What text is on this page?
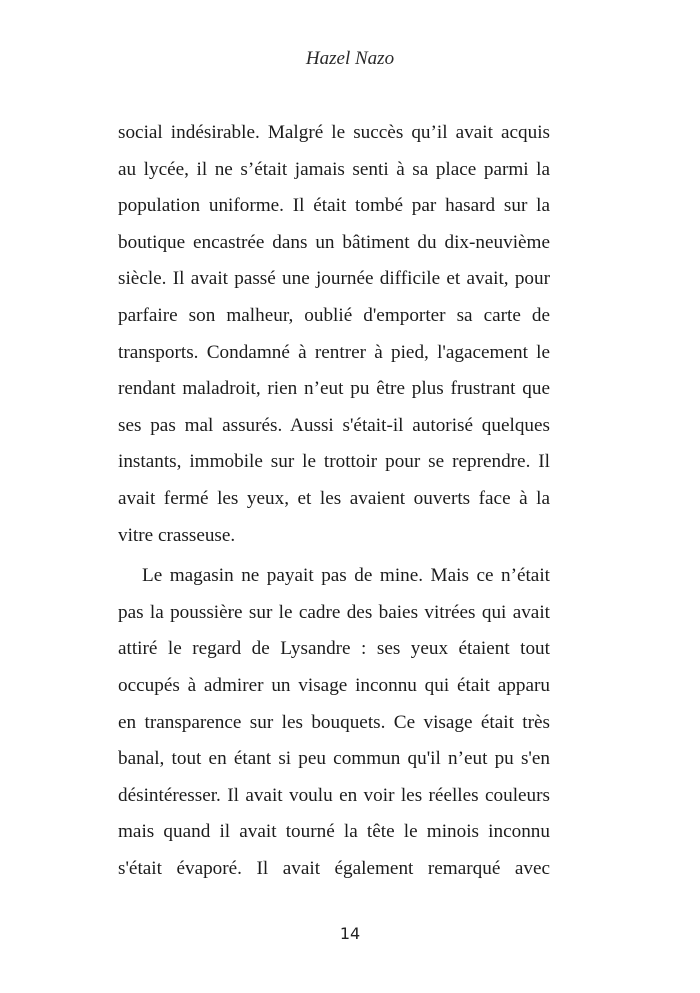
Hazel Nazo
social indésirable. Malgré le succès qu’il avait acquis
au lycée, il ne s’était jamais senti à sa place parmi la
population uniforme. Il était tombé par hasard sur la
boutique encastrée dans un bâtiment du dix-neuvième
siècle. Il avait passé une journée difficile et avait, pour
parfaire son malheur, oublié d'emporter sa carte de
transports. Condamné à rentrer à pied, l'agacement le
rendant maladroit, rien n’eut pu être plus frustrant que
ses pas mal assurés. Aussi s'était-il autorisé quelques
instants, immobile sur le trottoir pour se reprendre. Il
avait fermé les yeux, et les avaient ouverts face à la
vitre crasseuse.
Le magasin ne payait pas de mine. Mais ce n’était
pas la poussière sur le cadre des baies vitrées qui avait
attiré le regard de Lysandre : ses yeux étaient tout
occupés à admirer un visage inconnu qui était apparu
en transparence sur les bouquets. Ce visage était très
banal, tout en étant si peu commun qu'il n’eut pu s'en
désintéresser. Il avait voulu en voir les réelles couleurs
mais quand il avait tourné la tête le minois inconnu
s'était évaporé. Il avait également remarqué avec
14
